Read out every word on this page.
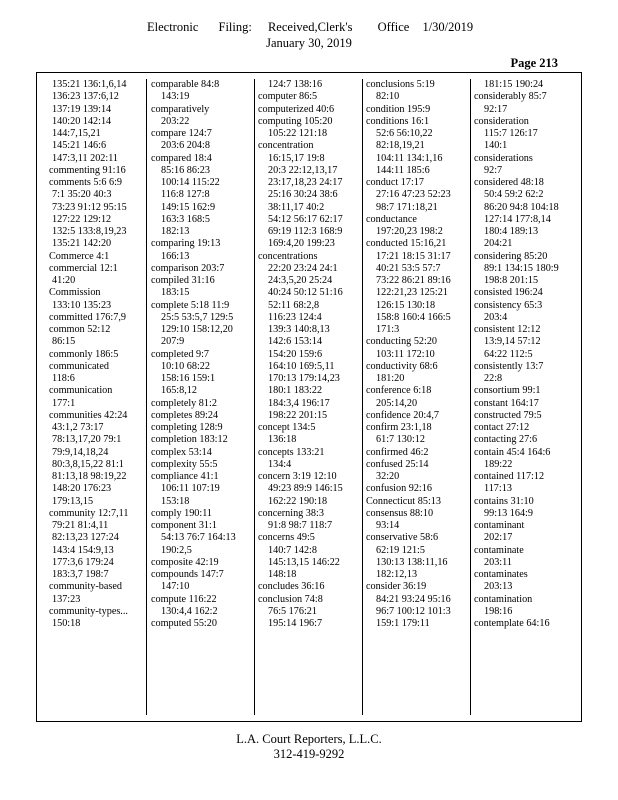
Electronic Filing: Received,Clerk's Office 1/30/2019
January 30, 2019
Page 213
135:21 136:1,6,14
136:23 137:6,12
137:19 139:14
140:20 142:14
144:7,15,21
145:21 146:6
147:3,11 202:11
commenting 91:16
comments 5:6 6:9
7:1 35:20 40:3
73:23 91:12 95:15
127:22 129:12
132:5 133:8,19,23
135:21 142:20
Commerce 4:1
commercial 12:1
41:20
Commission
133:10 135:23
committed 176:7,9
common 52:12
86:15
commonly 186:5
communicated
118:6
communication
177:1
communities 42:24
43:1,2 73:17
78:13,17,20 79:1
79:9,14,18,24
80:3,8,15,22 81:1
81:13,18 98:19,22
148:20 176:23
179:13,15
community 12:7,11
79:21 81:4,11
82:13,23 127:24
143:4 154:9,13
177:3,6 179:24
183:3,7 198:7
community-based
137:23
community-types...
150:18
comparable 84:8
143:19
comparatively
203:22
compare 124:7
203:6 204:8
compared 18:4
85:16 86:23
100:14 115:22
116:8 127:8
149:15 162:9
163:3 168:5
182:13
comparing 19:13
166:13
comparison 203:7
compiled 31:16
183:15
complete 5:18 11:9
25:5 53:5,7 129:5
129:10 158:12,20
207:9
completed 9:7
10:10 68:22
158:16 159:1
165:8,12
completely 81:2
completes 89:24
completing 128:9
completion 183:12
complex 53:14
complexity 55:5
compliance 41:1
106:11 107:19
153:18
comply 190:11
component 31:1
54:13 76:7 164:13
190:2,5
composite 42:19
compounds 147:7
147:10
compute 116:22
130:4,4 162:2
computed 55:20
124:7 138:16
computer 86:5
computerized 40:6
computing 105:20
105:22 121:18
concentration
16:15,17 19:8
20:3 22:12,13,17
23:17,18,23 24:17
25:16 30:24 38:6
38:11,17 40:2
54:12 56:17 62:17
69:19 112:3 168:9
169:4,20 199:23
concentrations
22:20 23:24 24:1
24:3,5,20 25:24
40:24 50:12 51:16
52:11 68:2,8
116:23 124:4
139:3 140:8,13
142:6 153:14
154:20 159:6
164:10 169:5,11
170:13 179:14,23
180:1 183:22
184:3,4 196:17
198:22 201:15
concept 134:5
136:18
concepts 133:21
134:4
concern 3:19 12:10
49:23 89:9 146:15
162:22 190:18
concerning 38:3
91:8 98:7 118:7
concerns 49:5
140:7 142:8
145:13,15 146:22
148:18
concludes 36:16
conclusion 74:8
76:5 176:21
195:14 196:7
conclusions 5:19
82:10
condition 195:9
conditions 16:1
52:6 56:10,22
82:18,19,21
104:11 134:1,16
144:11 185:6
conduct 17:17
27:16 47:23 52:23
98:7 171:18,21
conductance
197:20,23 198:2
conducted 15:16,21
17:21 18:15 31:17
40:21 53:5 57:7
73:22 86:21 89:16
122:21,23 125:21
126:15 130:18
158:8 160:4 166:5
171:3
conducting 52:20
103:11 172:10
conductivity 68:6
181:20
conference 6:18
205:14,20
confidence 20:4,7
confirm 23:1,18
61:7 130:12
confirmed 46:2
confused 25:14
32:20
confusion 92:16
Connecticut 85:13
consensus 88:10
93:14
conservative 58:6
62:19 121:5
130:13 138:11,16
182:12,13
consider 36:19
84:21 93:24 95:16
96:7 100:12 101:3
159:1 179:11
181:15 190:24
considerably 85:7
92:17
consideration
115:7 126:17
140:1
considerations
92:7
considered 48:18
50:4 59:2 62:2
86:20 94:8 104:18
127:14 177:8,14
180:4 189:13
204:21
considering 85:20
89:1 134:15 180:9
198:8 201:15
consisted 196:24
consistency 65:3
203:4
consistent 12:12
13:9,14 57:12
64:22 112:5
consistently 13:7
22:8
consortium 99:1
constant 164:17
constructed 79:5
contact 27:12
contacting 27:6
contain 45:4 164:6
189:22
contained 117:12
117:13
contains 31:10
99:13 164:9
contaminant
202:17
contaminate
203:11
contaminates
203:13
contamination
198:16
contemplate 64:16
L.A. Court Reporters, L.L.C.
312-419-9292
